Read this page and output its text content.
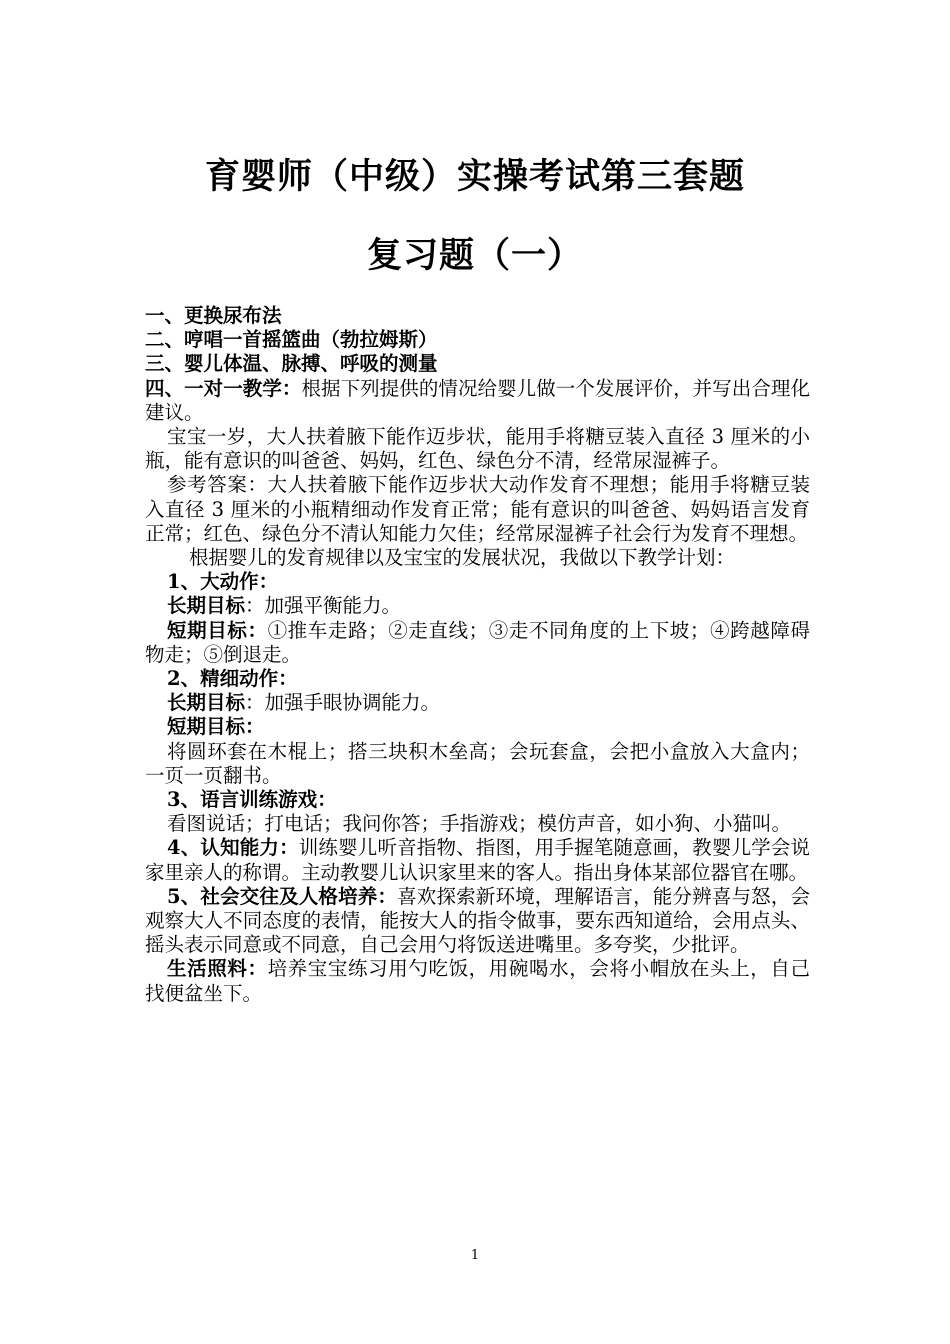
育婴师（中级）实操考试第三套题
复习题（一）

一、更换尿布法

二、哼唱一首摇篮曲（勃拉姆斯）

三、婴儿体温、脉搏、呼吸的测量

四、一对一教学：根据下列提供的情况给婴儿做一个发展评价，并写出合理化建议。

宝宝一岁，大人扶着腋下能作迈步状，能用手将糖豆装入直径 3 厘米的小瓶，能有意识的叫爸爸、妈妈，红色、绿色分不清，经常尿湿裤子。

参考答案：大人扶着腋下能作迈步状大动作发育不理想；能用手将糖豆装入直径 3 厘米的小瓶精细动作发育正常；能有意识的叫爸爸、妈妈语言发育正常；红色、绿色分不清认知能力欠佳；经常尿湿裤子社会行为发育不理想。

根据婴儿的发育规律以及宝宝的发展状况，我做以下教学计划：

1、大动作：

长期目标：加强平衡能力。

短期目标：①推车走路；②走直线；③走不同角度的上下坡；④跨越障碍物走；⑤倒退走。

2、精细动作：

长期目标：加强手眼协调能力。

短期目标：

将圆环套在木棍上；搭三块积木垒高；会玩套盒，会把小盒放入大盒内；一页一页翻书。

3、语言训练游戏：

看图说话；打电话；我问你答；手指游戏；模仿声音，如小狗、小猫叫。

4、认知能力：训练婴儿听音指物、指图，用手握笔随意画，教婴儿学会说家里亲人的称谓。主动教婴儿认识家里来的客人。指出身体某部位器官在哪。

5、社会交往及人格培养：喜欢探索新环境，理解语言，能分辨喜与怒，会观察大人不同态度的表情，能按大人的指令做事，要东西知道给，会用点头、摇头表示同意或不同意，自己会用勺将饭送进嘴里。多夸奖，少批评。

生活照料：培养宝宝练习用勺吃饭，用碗喝水，会将小帽放在头上，自己找便盆坐下。

1
